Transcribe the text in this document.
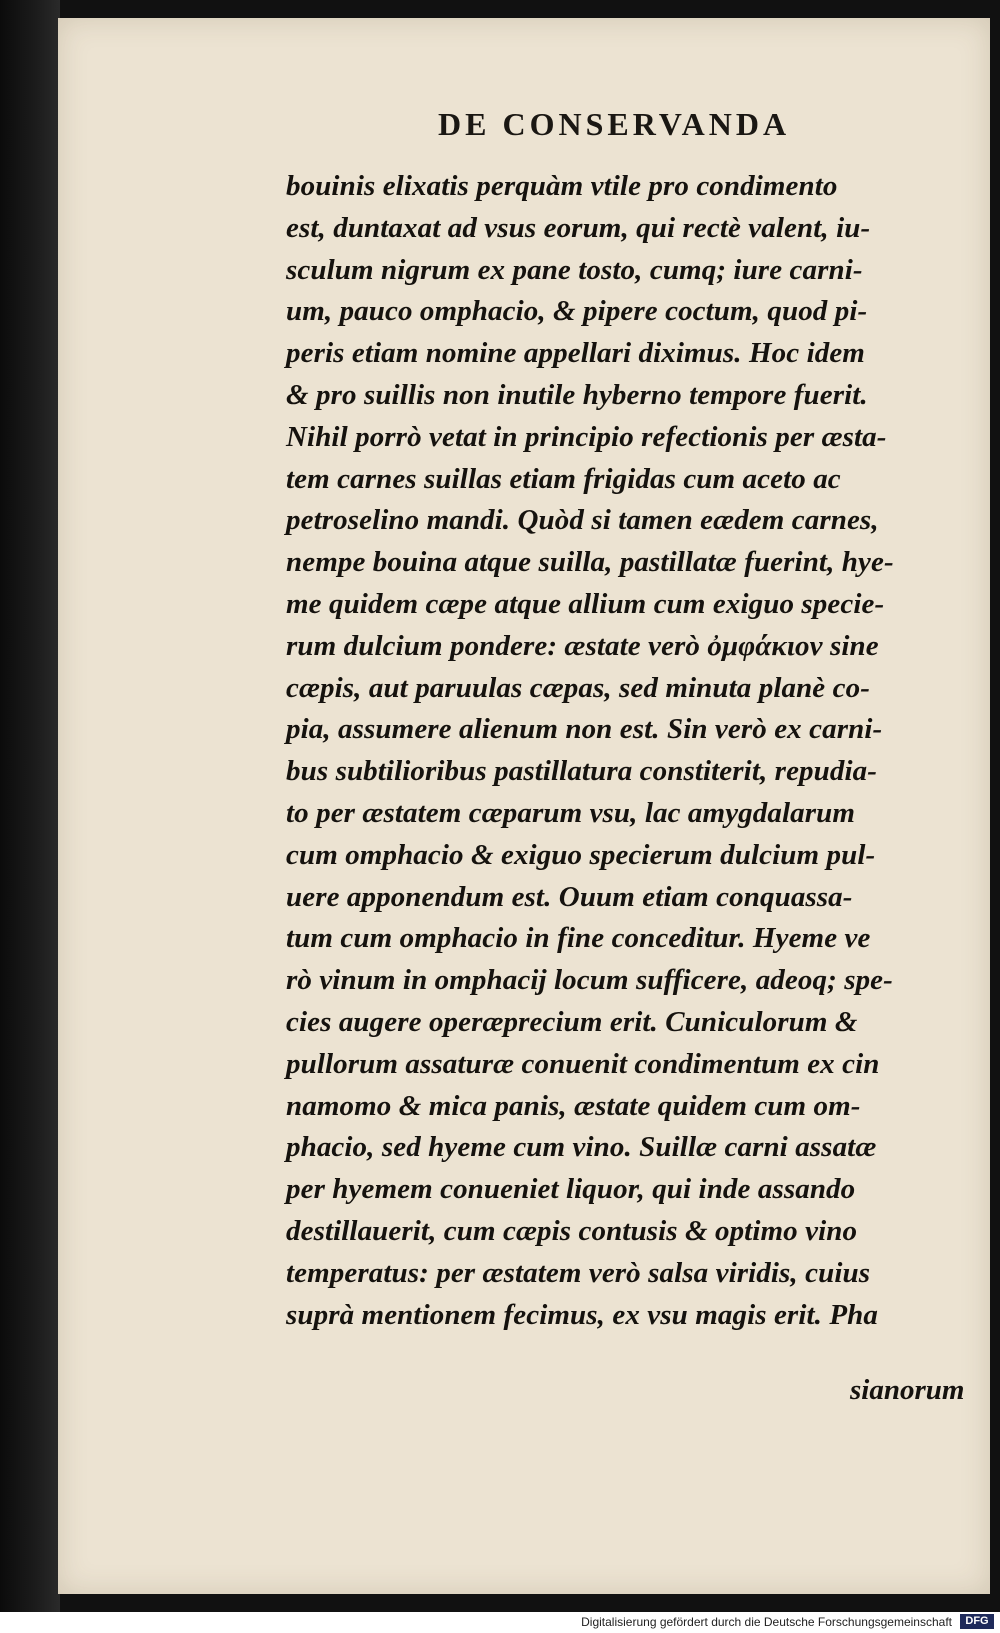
DE CONSERVANDA
bouinis elixatis perquàm vtile pro condimento
est, duntaxat ad vsus eorum, qui rectè valent, iu-
sculum nigrum ex pane tosto, cumq; iure carni-
um, pauco omphacio, & pipere coctum, quod pi-
peris etiam nomine appellari diximus. Hoc idem
& pro suillis non inutile hyberno tempore fuerit.
Nihil porrò vetat in principio refectionis per æsta-
tem carnes suillas etiam frigidas cum aceto ac
petroselino mandi. Quòd si tamen eædem carnes,
nempe bouina atque suilla, pastillatæ fuerint, hye-
me quidem cæpe atque allium cum exiguo specie-
rum dulcium pondere: æstate verò ὀμφάκιον sine
cæpis, aut paruulas cæpas, sed minuta planè co-
pia, assumere alienum non est. Sin verò ex carni-
bus subtilioribus pastillatura constiterit, repudia-
to per æstatem cæparum vsu, lac amygdalarum
cum omphacio & exiguo specierum dulcium pul-
uere apponendum est. Ouum etiam conquassa-
tum cum omphacio in fine conceditur. Hyeme ve
rò vinum in omphacij locum sufficere, adeoq; spe-
cies augere operæprecium erit. Cuniculorum &
pullorum assaturæ conuenit condimentum ex cin
namomo & mica panis, æstate quidem cum om-
phacio, sed hyeme cum vino. Suillæ carni assatæ
per hyemem conueniet liquor, qui inde assando
destillauerit, cum cæpis contusis & optimo vino
temperatus: per æstatem verò salsa viridis, cuius
suprà mentionem fecimus, ex vsu magis erit. Pha
sianorum
Digitalisierung gefördert durch die Deutsche Forschungsgemeinschaft	DFG
